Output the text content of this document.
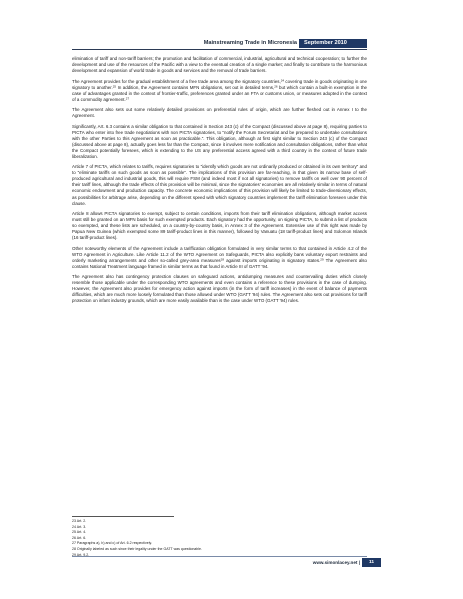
Mainstreaming Trade in Micronesia	September 2010

elimination of tariff and non-tariff barriers; the promotion and facilitation of commercial, industrial, agricultural and technical cooperation; to further the development and use of the resources of the Pacific with a view to the eventual creation of a single market; and finally to contribute to the harmonious development and expansion of world trade in goods and services and the removal of trade barriers.

The Agreement provides for the gradual establishment of a free trade area among the signatory countries,$^{24}$ covering trade in goods originating in one signatory to another.$^{25}$ In addition, the Agreement contains MFN obligations, set out in detailed terms,$^{26}$ but which contain a built-in exemption in the case of advantages granted in the context of frontier-traffic, preferences granted under an FTA or customs union, or measures adopted in the context of a commodity agreement.$^{27}$

The Agreement also sets out some relatively detailed provisions on preferential rules of origin, which are further fleshed out in Annex I to the Agreement.

Significantly, Art. 6.3 contains a similar obligation to that contained in Section 243 (c) of the Compact (discussed above at page 8), requiring parties to PICTA who enter into free trade negotiations with non PICTA signatories, to "notify the Forum Secretariat and be prepared to undertake consultations with the other Parties to this Agreement as soon as practicable.". This obligation, although at first sight similar to Section 243 (c) of the Compact (discussed above at page 8), actually goes less far than the Compact, since it involves mere notification and consultation obligations, rather than what the Compact potentially foresees, which is extending to the US any preferential access agreed with a third country in the context of future trade liberalization.

Article 7 of PICTA, which relates to tariffs, requires signatories to "identify which goods are not ordinarily produced or obtained in its own territory" and to "eliminate tariffs on such goods as soon as possible". The implications of this provision are far-reaching, in that given its narrow base of self-produced agricultural and industrial goods, this will require FSM (and indeed most if not all signatories) to remove tariffs on well over 90 percent of their tariff lines, although the trade effects of this provision will be minimal, since the signatories' economies are all relatively similar in terms of natural economic endowment and production capacity. The concrete economic implications of this provision will likely be limited to trade-diversionary effects, as possibilities for arbitrage arise, depending on the different speed with which signatory countries implement the tariff elimination foreseen under this clause.

Article 8 allows PICTA signatories to exempt, subject to certain conditions, imports from their tariff elimination obligations, although market access must still be granted on an MFN basis for such exempted products. Each signatory had the opportunity, on signing PICTA, to submit a list of products so exempted, and these lists are scheduled, on a country-by-country basis, in Annex 3 of the Agreement. Extensive use of this right was made by Papua New Guinea (which exempted some 89 tariff-product lines in this manner), followed by Vanuatu (18 tariff-product lines) and Solomon Islands (16 tariff-product lines).

Other noteworthy elements of the Agreement include a tariffication obligation formulated in very similar terms to that contained in Article 4.2 of the WTO Agreement in Agriculture. Like Article 11.2 of the WTO Agreement on Safeguards, PICTA also explicitly bans voluntary export restraints and orderly marketing arrangements and other so-called grey-area measures$^{28}$ against imports originating in signatory states.$^{29}$ The Agreement also contains National Treatment language framed in similar terms as that found in Article III of GATT '94.

The Agreement also has contingency protection clauses on safeguard actions, antidumping measures and countervailing duties which closely resemble those applicable under the corresponding WTO agreements and even contains a reference to these provisions in the case of dumping. However, the Agreement also provides for emergency action against imports (in the form of tariff increases) in the event of balance of payments difficulties, which are much more loosely formulated than those allowed under WTO (GATT '94) rules. The Agreement also sets out provisions for tariff protection on infant industry grounds, which are more easily available than is the case under WTO (GATT '94) rules.

23 Art. 2.
24 Art. 3.
25 Art. 4.
26 Art. 6.
27 Paragraphs a), b) and c) of Art. 6.2 respectively.
28 Originally labeled as such since their legality under the GATT was questionable.
29 Art. 9.2.
www.simonlacey.net |	11
